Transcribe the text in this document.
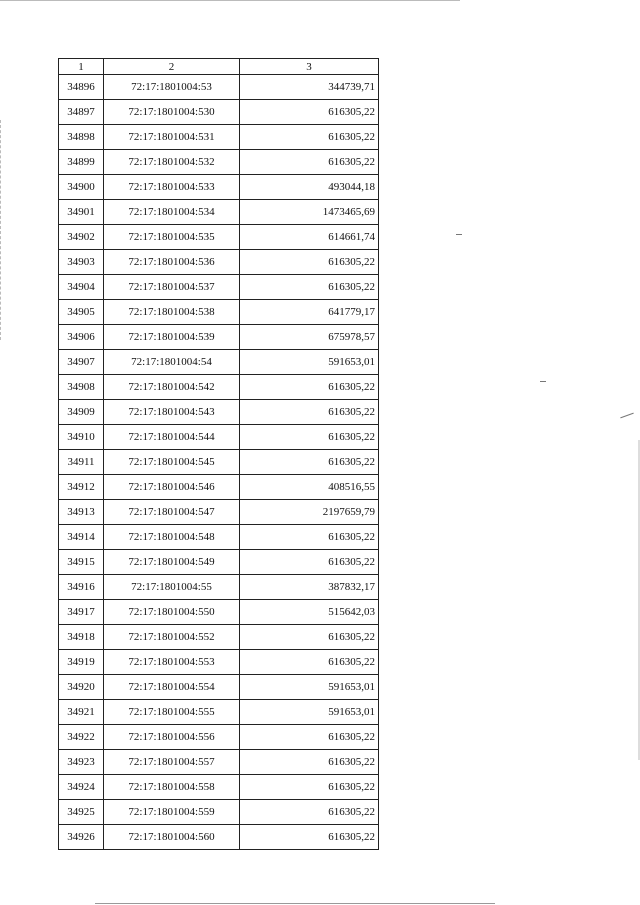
1	2	3
34896	72:17:1801004:53	344739,71
34897	72:17:1801004:530	616305,22
34898	72:17:1801004:531	616305,22
34899	72:17:1801004:532	616305,22
34900	72:17:1801004:533	493044,18
34901	72:17:1801004:534	1473465,69
34902	72:17:1801004:535	614661,74
34903	72:17:1801004:536	616305,22
34904	72:17:1801004:537	616305,22
34905	72:17:1801004:538	641779,17
34906	72:17:1801004:539	675978,57
34907	72:17:1801004:54	591653,01
34908	72:17:1801004:542	616305,22
34909	72:17:1801004:543	616305,22
34910	72:17:1801004:544	616305,22
34911	72:17:1801004:545	616305,22
34912	72:17:1801004:546	408516,55
34913	72:17:1801004:547	2197659,79
34914	72:17:1801004:548	616305,22
34915	72:17:1801004:549	616305,22
34916	72:17:1801004:55	387832,17
34917	72:17:1801004:550	515642,03
34918	72:17:1801004:552	616305,22
34919	72:17:1801004:553	616305,22
34920	72:17:1801004:554	591653,01
34921	72:17:1801004:555	591653,01
34922	72:17:1801004:556	616305,22
34923	72:17:1801004:557	616305,22
34924	72:17:1801004:558	616305,22
34925	72:17:1801004:559	616305,22
34926	72:17:1801004:560	616305,22
